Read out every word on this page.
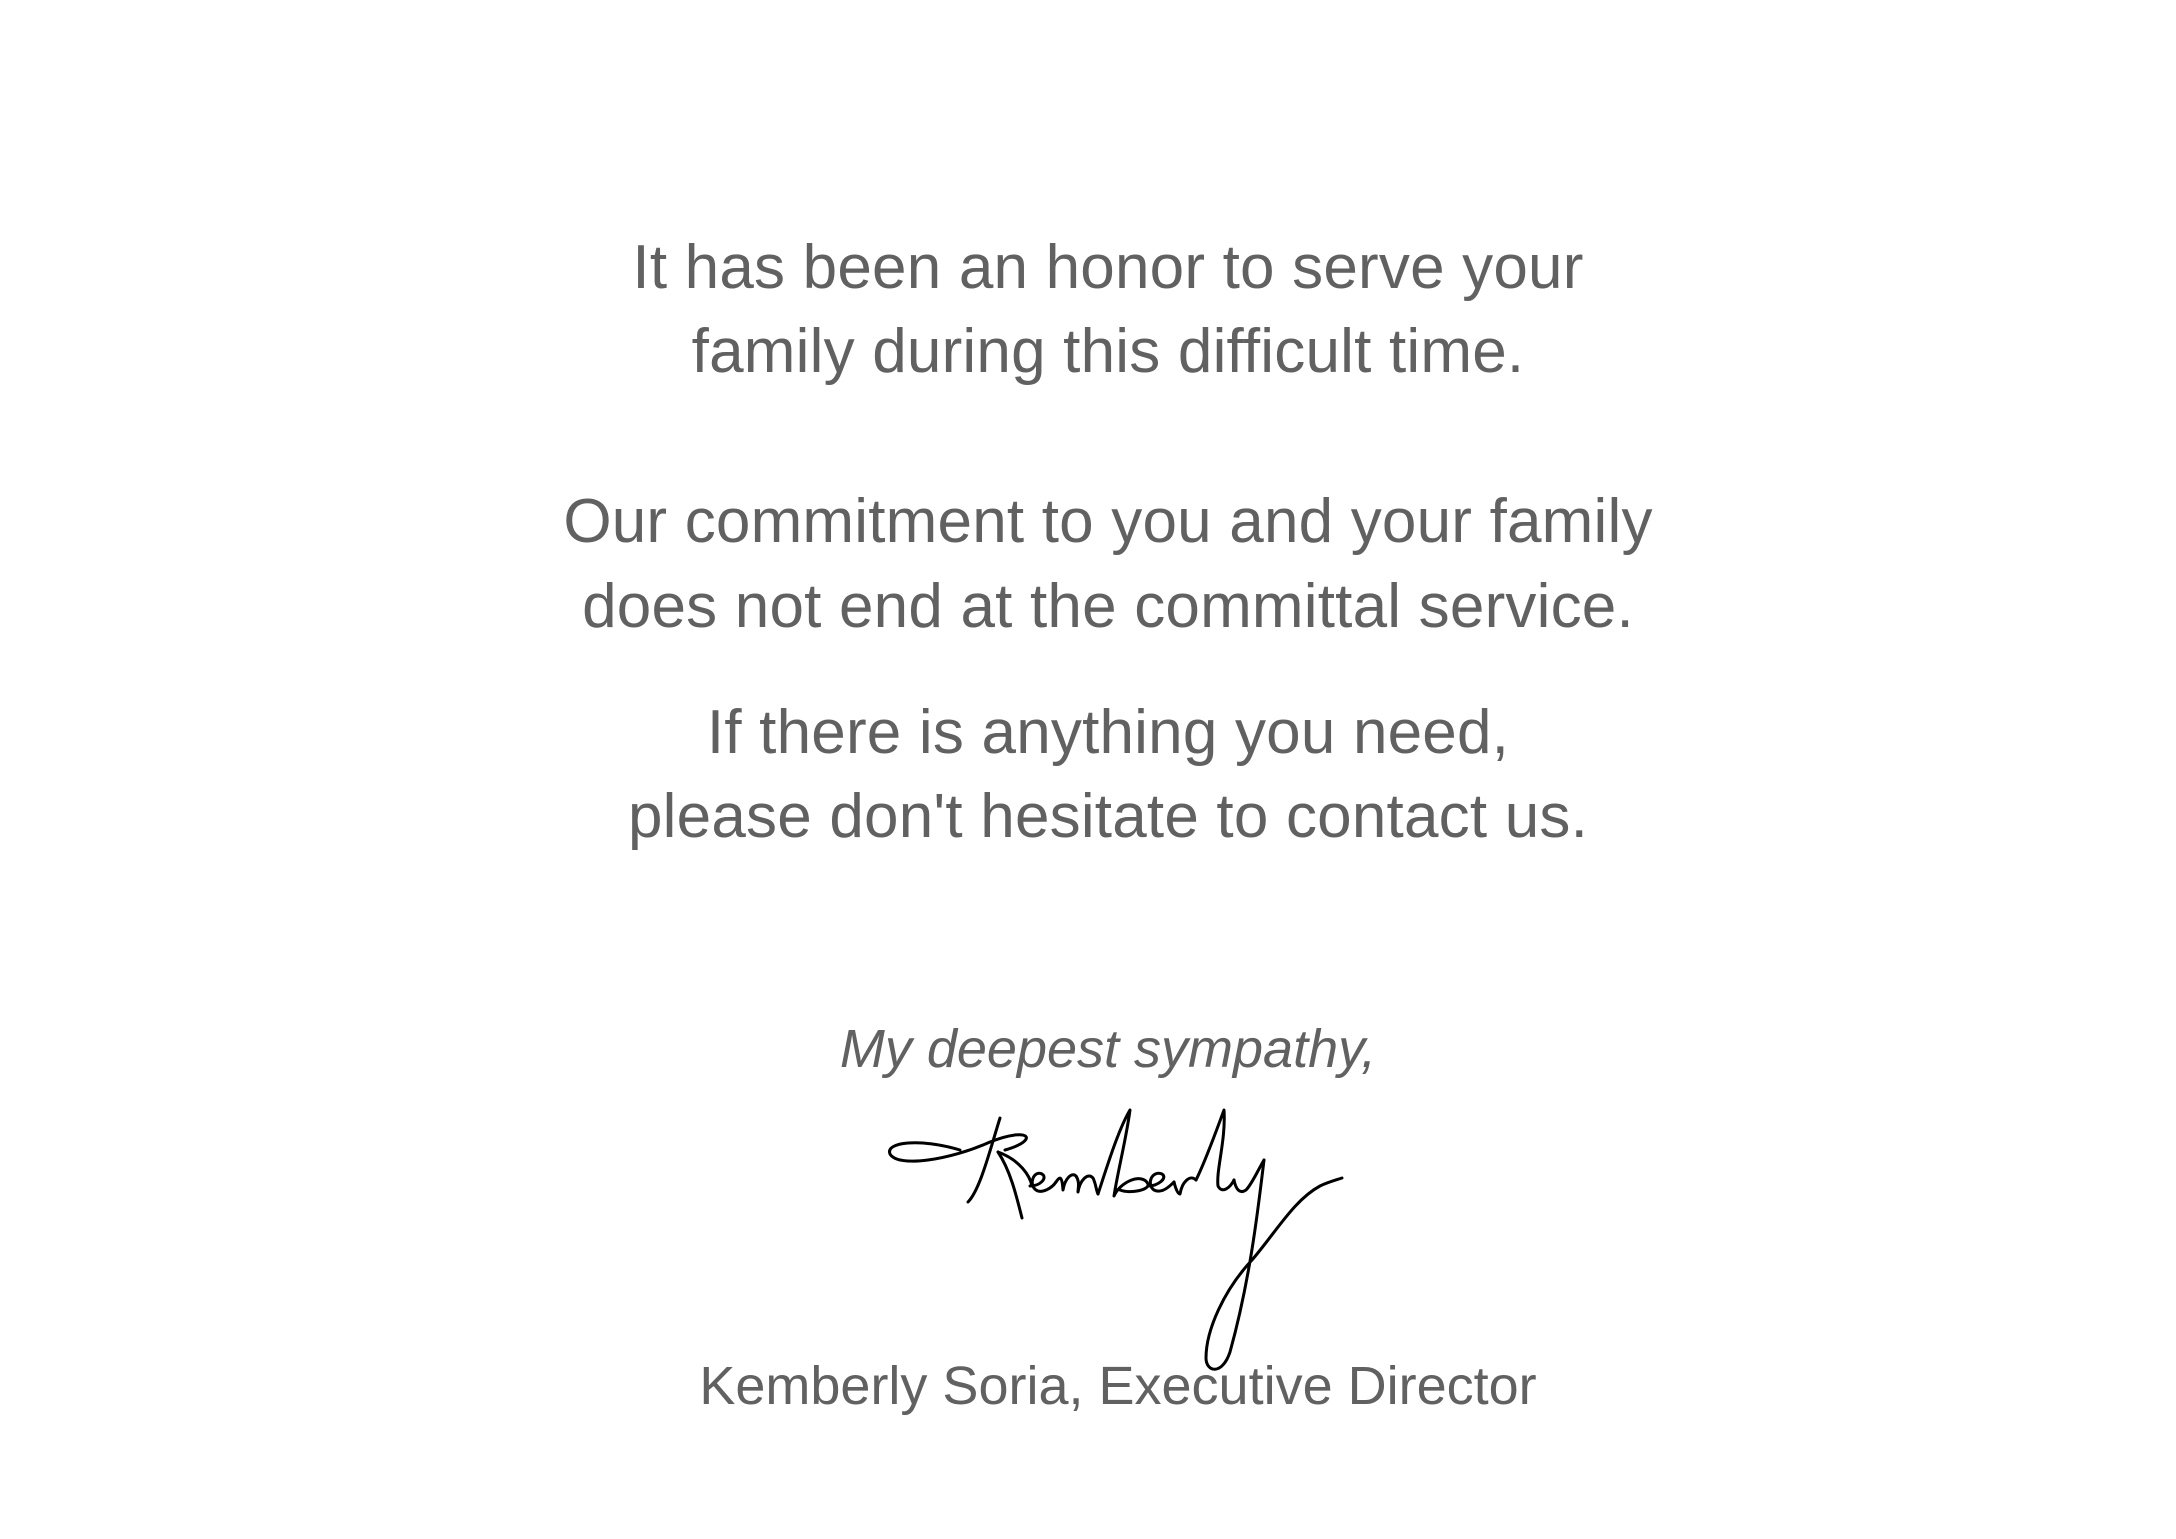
It has been an honor to serve your
family during this difficult time.
Our commitment to you and your family
does not end at the committal service.
If there is anything you need,
please don't hesitate to contact us.
My deepest sympathy,
Kemberly Soria, Executive Director
